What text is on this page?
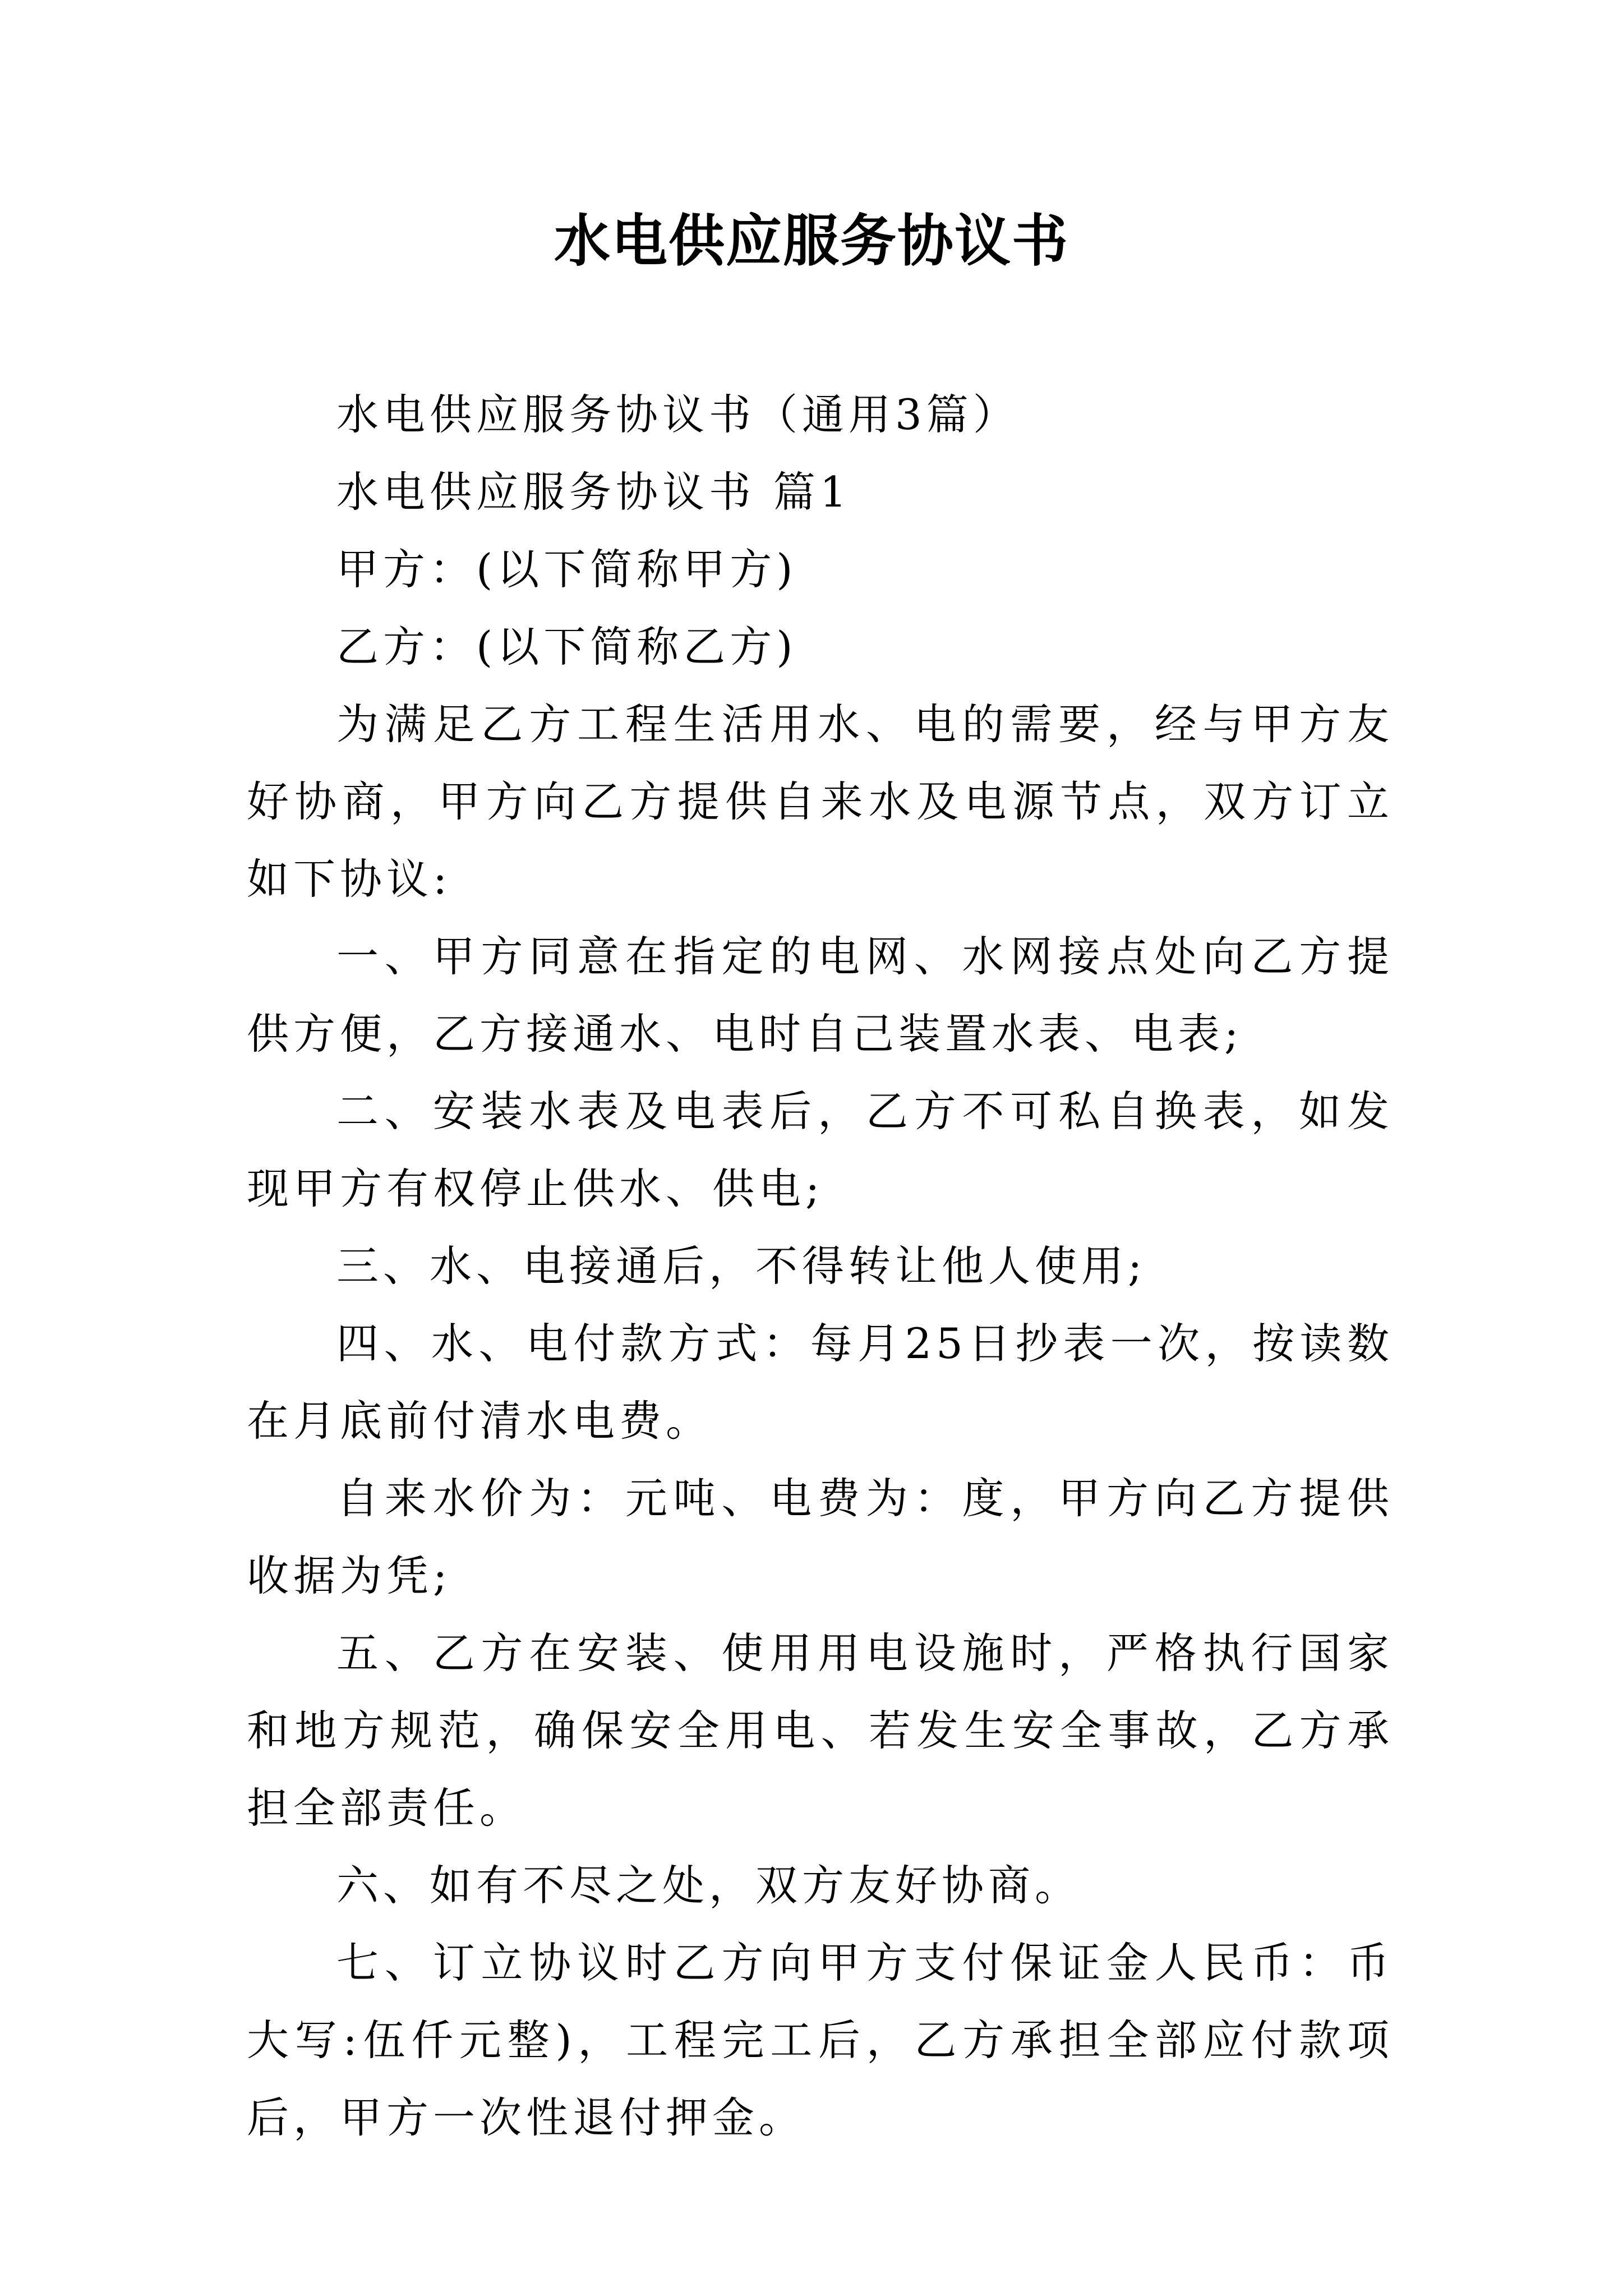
水电供应服务协议书

水电供应服务协议书（通用3篇）

水电供应服务协议书 篇1

甲方：(以下简称甲方)

乙方：(以下简称乙方)

为满足乙方工程生活用水、电的需要，经与甲方友好协商，甲方向乙方提供自来水及电源节点，双方订立如下协议:

一、甲方同意在指定的电网、水网接点处向乙方提供方便，乙方接通水、电时自己装置水表、电表;

二、安装水表及电表后，乙方不可私自换表，如发现甲方有权停止供水、供电;

三、水、电接通后，不得转让他人使用;

四、水、电付款方式：每月25日抄表一次，按读数在月底前付清水电费。

自来水价为：元吨、电费为：度，甲方向乙方提供收据为凭;

五、乙方在安装、使用用电设施时，严格执行国家和地方规范，确保安全用电、若发生安全事故，乙方承担全部责任。

六、如有不尽之处，双方友好协商。

七、订立协议时乙方向甲方支付保证金人民币：币大写:伍仟元整)，工程完工后，乙方承担全部应付款项后，甲方一次性退付押金。
